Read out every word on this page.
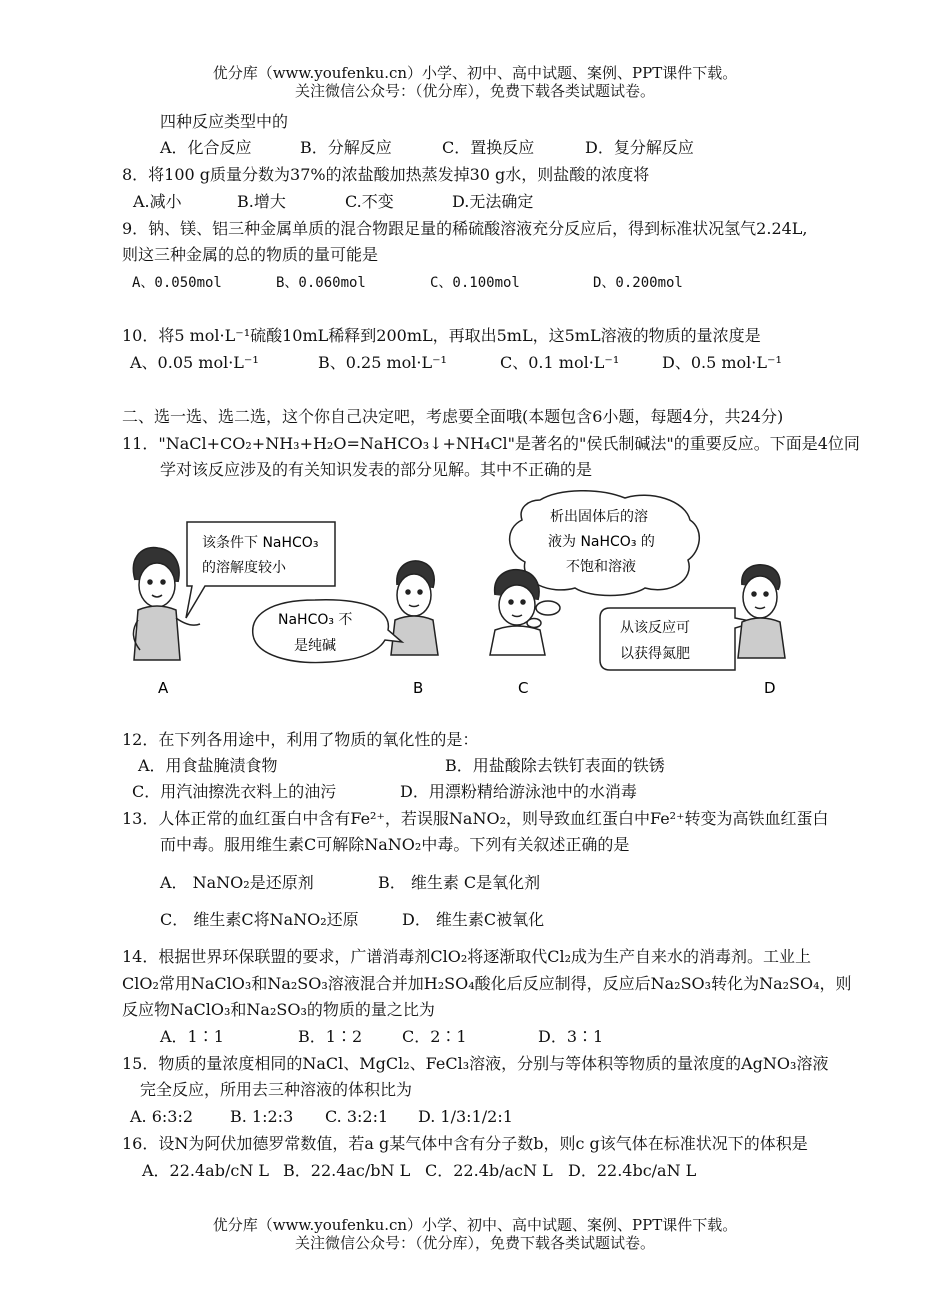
优分库（www.youfenku.cn）小学、初中、高中试题、案例、PPT课件下载。
关注微信公众号：（优分库），免费下载各类试题试卷。
四种反应类型中的
A．化合反应	B．分解反应	C．置换反应	D．复分解反应
8．将100 g质量分数为37%的浓盐酸加热蒸发掉30 g水，则盐酸的浓度将
A.减小	B.增大	C.不变	D.无法确定
9．钠、镁、铝三种金属单质的混合物跟足量的稀硫酸溶液充分反应后，得到标准状况氢气2.24L,
则这三种金属的总的物质的量可能是
A、0.050mol	B、0.060mol	C、0.100mol	D、0.200mol
10．将5 mol·L⁻¹硫酸10mL稀释到200mL，再取出5mL，这5mL溶液的物质的量浓度是
A、0.05 mol·L⁻¹	B、0.25 mol·L⁻¹	C、0.1 mol·L⁻¹	D、0.5 mol·L⁻¹
二、选一选、选二选，这个你自己决定吧，考虑要全面哦(本题包含6小题，每题4分，共24分)
11．"NaCl+CO₂+NH₃+H₂O=NaHCO₃↓+NH₄Cl"是著名的"侯氏制碱法"的重要反应。下面是4位同
学对该反应涉及的有关知识发表的部分见解。其中不正确的是
该条件下 NaHCO₃
的溶解度较小
NaHCO₃ 不
是纯碱
析出固体后的溶
液为 NaHCO₃ 的
不饱和溶液
从该反应可
以获得氮肥
A	B	C	D
12．在下列各用途中，利用了物质的氧化性的是：
A．用食盐腌渍食物	B．用盐酸除去铁钉表面的铁锈
C．用汽油擦洗衣料上的油污	D．用漂粉精给游泳池中的水消毒
13．人体正常的血红蛋白中含有Fe²⁺，若误服NaNO₂，则导致血红蛋白中Fe²⁺转变为高铁血红蛋白
而中毒。服用维生素C可解除NaNO₂中毒。下列有关叙述正确的是
A． NaNO₂是还原剂	B． 维生素 C是氧化剂
C． 维生素C将NaNO₂还原	D． 维生素C被氧化
14．根据世界环保联盟的要求，广谱消毒剂ClO₂将逐渐取代Cl₂成为生产自来水的消毒剂。工业上
ClO₂常用NaClO₃和Na₂SO₃溶液混合并加H₂SO₄酸化后反应制得，反应后Na₂SO₃转化为Na₂SO₄，则
反应物NaClO₃和Na₂SO₃的物质的量之比为
A．1∶1	B．1∶2 C．2∶1	D．3∶1
15．物质的量浓度相同的NaCl、MgCl₂、FeCl₃溶液，分别与等体积等物质的量浓度的AgNO₃溶液
完全反应，所用去三种溶液的体积比为
A. 6:3:2 B. 1:2:3 C. 3:2:1 D. 1/3:1/2:1
16．设N为阿伏加德罗常数值，若a g某气体中含有分子数b，则c g该气体在标准状况下的体积是
A．22.4ab/cN L B．22.4ac/bN L C．22.4b/acN L D．22.4bc/aN L
优分库（www.youfenku.cn）小学、初中、高中试题、案例、PPT课件下载。
关注微信公众号：（优分库），免费下载各类试题试卷。
